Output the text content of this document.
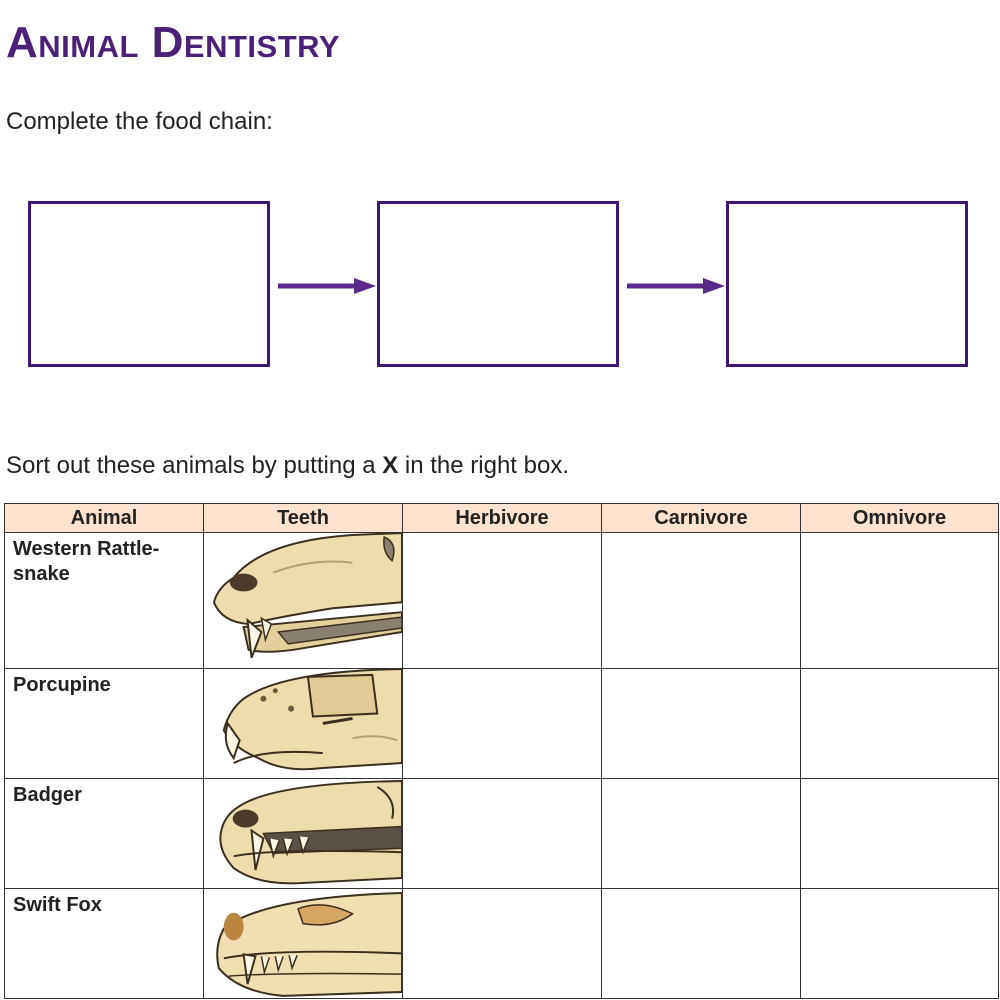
Animal Dentistry

Complete the food chain:

Sort out these animals by putting a X in the right box.

Animal	Teeth	Herbivore	Carnivore	Omnivore
Western Rattle-
snake	

Porcupine	

Badger	

Swift Fox	
